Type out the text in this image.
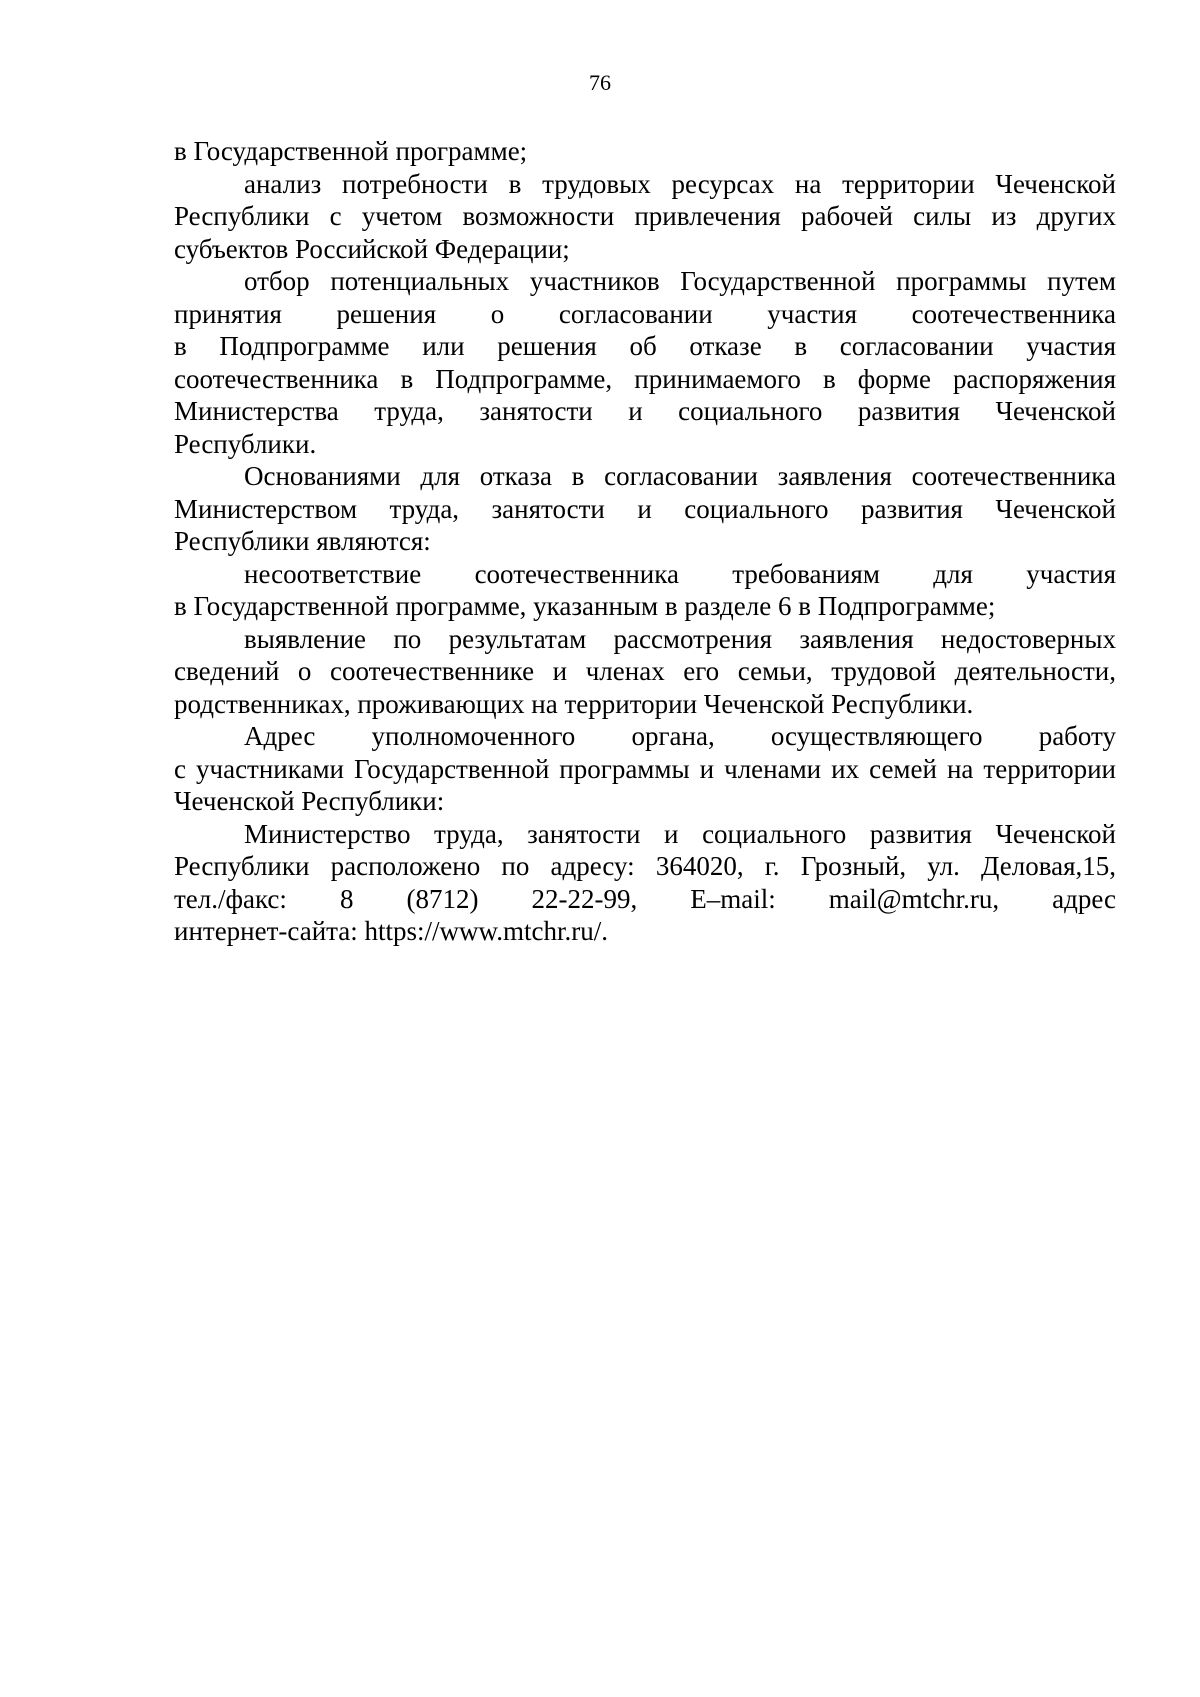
76
в Государственной программе;
анализ потребности в трудовых ресурсах на территории Чеченской
Республики с учетом возможности привлечения рабочей силы из других
субъектов Российской Федерации;
отбор потенциальных участников Государственной программы путем
принятия решения о согласовании участия соотечественника
в Подпрограмме или решения об отказе в согласовании участия
соотечественника в Подпрограмме, принимаемого в форме распоряжения
Министерства труда, занятости и социального развития Чеченской
Республики.
Основаниями для отказа в согласовании заявления соотечественника
Министерством труда, занятости и социального развития Чеченской
Республики являются:
несоответствие соотечественника требованиям для участия
в Государственной программе, указанным в разделе 6 в Подпрограмме;
выявление по результатам рассмотрения заявления недостоверных
сведений о соотечественнике и членах его семьи, трудовой деятельности,
родственниках, проживающих на территории Чеченской Республики.
Адрес уполномоченного органа, осуществляющего работу
с участниками Государственной программы и членами их семей на территории
Чеченской Республики:
Министерство труда, занятости и социального развития Чеченской
Республики расположено по адресу: 364020, г. Грозный, ул. Деловая,15,
тел./факс: 8 (8712) 22-22-99, E–mail: mail@mtchr.ru, адрес
интернет-сайта: https://www.mtchr.ru/.
